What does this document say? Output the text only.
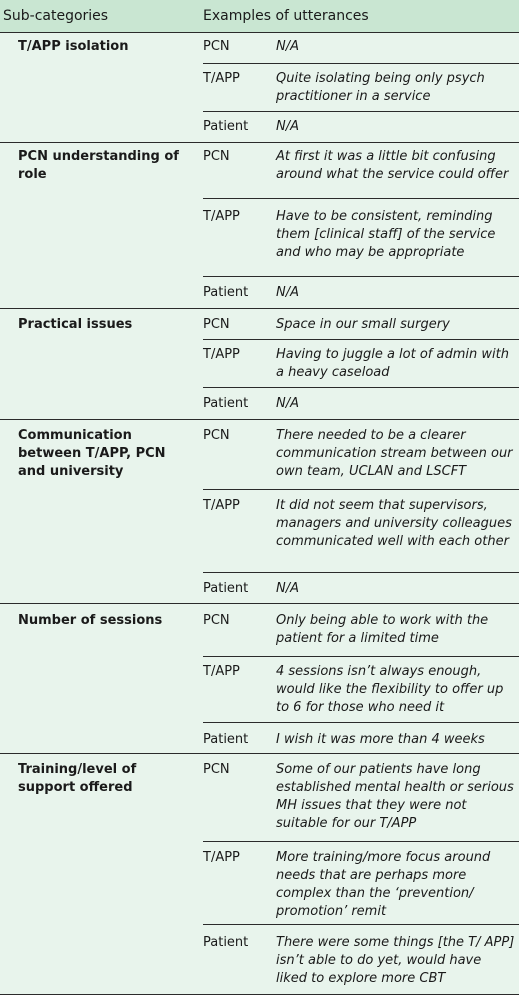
Sub-categories	Examples of utterances
T/APP isolation	PCN	N/A
T/APP	Quite isolating being only psych practitioner in a service
Patient N/A
PCN understanding of role
PCN	At first it was a little bit confusing around what the service could offer
T/APP	Have to be consistent, reminding them [clinical staff] of the service and who may be appropriate
Patient N/A
Practical issues	PCN	Space in our small surgery
T/APP	Having to juggle a lot of admin with a heavy caseload
Patient N/A
Communication between T/APP, PCN and university
PCN	There needed to be a clearer communication stream between our own team, UCLAN and LSCFT
T/APP	It did not seem that supervisors, managers and university colleagues communicated well with each other
Patient N/A
Number of sessions	PCN	Only being able to work with the patient for a limited time
T/APP	4 sessions isn’t always enough, would like the flexibility to offer up to 6 for those who need it
Patient I wish it was more than 4 weeks
Training/level of support offered
PCN	Some of our patients have long established mental health or serious MH issues that they were not suitable for our T/APP
T/APP	More training/more focus around needs that are perhaps more complex than the ‘prevention/ promotion’ remit
Patient There were some things [the T/ APP] isn’t able to do yet, would have liked to explore more CBT
